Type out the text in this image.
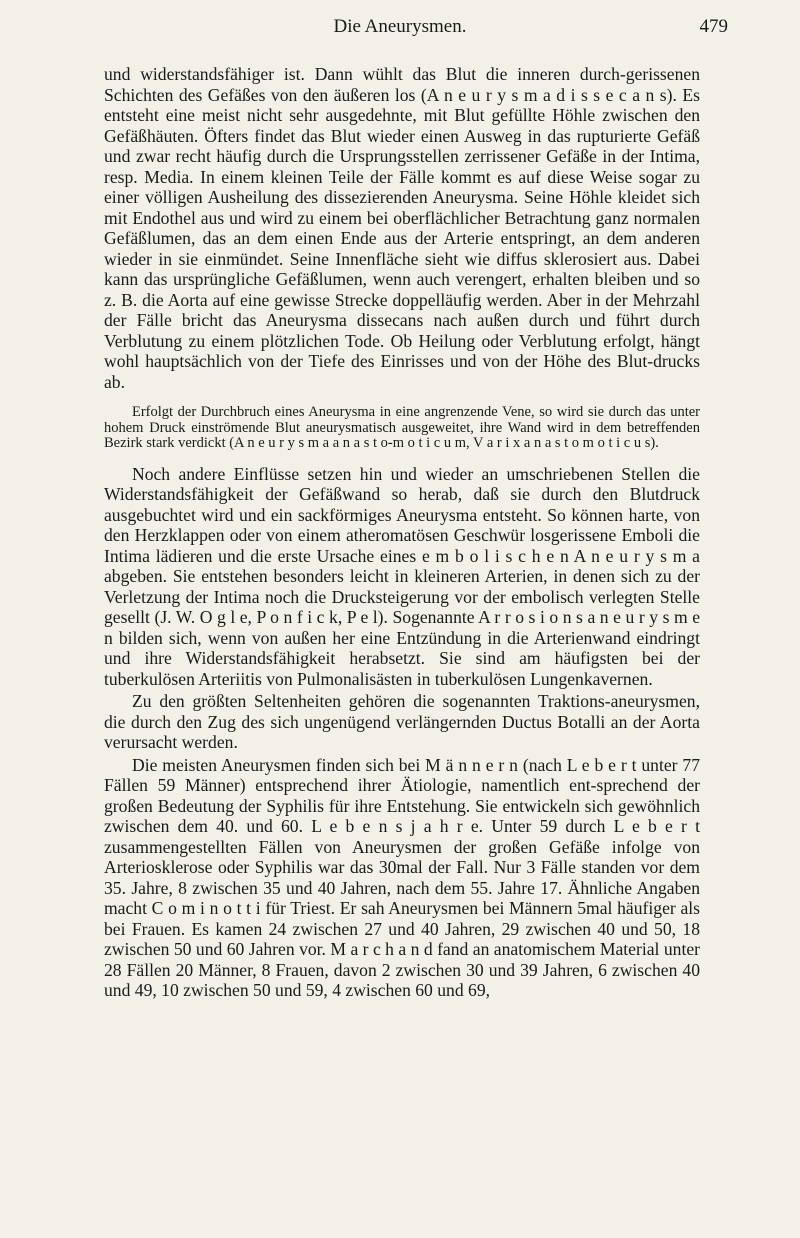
Die Aneurysmen.	479

und widerstandsfähiger ist. Dann wühlt das Blut die inneren durch-gerissenen Schichten des Gefäßes von den äußeren los (A n e u r y s m a d i s s e c a n s). Es entsteht eine meist nicht sehr ausgedehnte, mit Blut gefüllte Höhle zwischen den Gefäßhäuten. Öfters findet das Blut wieder einen Ausweg in das rupturierte Gefäß und zwar recht häufig durch die Ursprungsstellen zerrissener Gefäße in der Intima, resp. Media. In einem kleinen Teile der Fälle kommt es auf diese Weise sogar zu einer völligen Ausheilung des dissezierenden Aneurysma. Seine Höhle kleidet sich mit Endothel aus und wird zu einem bei oberflächlicher Betrachtung ganz normalen Gefäßlumen, das an dem einen Ende aus der Arterie entspringt, an dem anderen wieder in sie einmündet. Seine Innenfläche sieht wie diffus sklerosiert aus. Dabei kann das ursprüngliche Gefäßlumen, wenn auch verengert, erhalten bleiben und so z. B. die Aorta auf eine gewisse Strecke doppelläufig werden. Aber in der Mehrzahl der Fälle bricht das Aneurysma dissecans nach außen durch und führt durch Verblutung zu einem plötzlichen Tode. Ob Heilung oder Verblutung erfolgt, hängt wohl hauptsächlich von der Tiefe des Einrisses und von der Höhe des Blut-drucks ab.

Erfolgt der Durchbruch eines Aneurysma in eine angrenzende Vene, so wird sie durch das unter hohem Druck einströmende Blut aneurysmatisch ausgeweitet, ihre Wand wird in dem betreffenden Bezirk stark verdickt (A n e u r y s m a a n a s t o-m o t i c u m, V a r i x a n a s t o m o t i c u s).

Noch andere Einflüsse setzen hin und wieder an umschriebenen Stellen die Widerstandsfähigkeit der Gefäßwand so herab, daß sie durch den Blutdruck ausgebuchtet wird und ein sackförmiges Aneurysma entsteht. So können harte, von den Herzklappen oder von einem atheromatösen Geschwür losgerissene Emboli die Intima lädieren und die erste Ursache eines e m b o l i s c h e n A n e u r y s m a abgeben. Sie entstehen besonders leicht in kleineren Arterien, in denen sich zu der Verletzung der Intima noch die Drucksteigerung vor der embolisch verlegten Stelle gesellt (J. W. O g l e, P o n f i c k, P e l). Sogenannte A r r o s i o n s a n e u r y s m e n bilden sich, wenn von außen her eine Entzündung in die Arterienwand eindringt und ihre Widerstandsfähigkeit herabsetzt. Sie sind am häufigsten bei der tuberkulösen Arteriitis von Pulmonalisästen in tuberkulösen Lungenkavernen.

Zu den größten Seltenheiten gehören die sogenannten Traktions-aneurysmen, die durch den Zug des sich ungenügend verlängernden Ductus Botalli an der Aorta verursacht werden.

Die meisten Aneurysmen finden sich bei M ä n n e r n (nach L e b e r t unter 77 Fällen 59 Männer) entsprechend ihrer Ätiologie, namentlich ent-sprechend der großen Bedeutung der Syphilis für ihre Entstehung. Sie entwickeln sich gewöhnlich zwischen dem 40. und 60. L e b e n s j a h r e. Unter 59 durch L e b e r t zusammengestellten Fällen von Aneurysmen der großen Gefäße infolge von Arteriosklerose oder Syphilis war das 30mal der Fall. Nur 3 Fälle standen vor dem 35. Jahre, 8 zwischen 35 und 40 Jahren, nach dem 55. Jahre 17. Ähnliche Angaben macht C o m i n o t t i für Triest. Er sah Aneurysmen bei Männern 5mal häufiger als bei Frauen. Es kamen 24 zwischen 27 und 40 Jahren, 29 zwischen 40 und 50, 18 zwischen 50 und 60 Jahren vor. M a r c h a n d fand an anatomischem Material unter 28 Fällen 20 Männer, 8 Frauen, davon 2 zwischen 30 und 39 Jahren, 6 zwischen 40 und 49, 10 zwischen 50 und 59, 4 zwischen 60 und 69,
